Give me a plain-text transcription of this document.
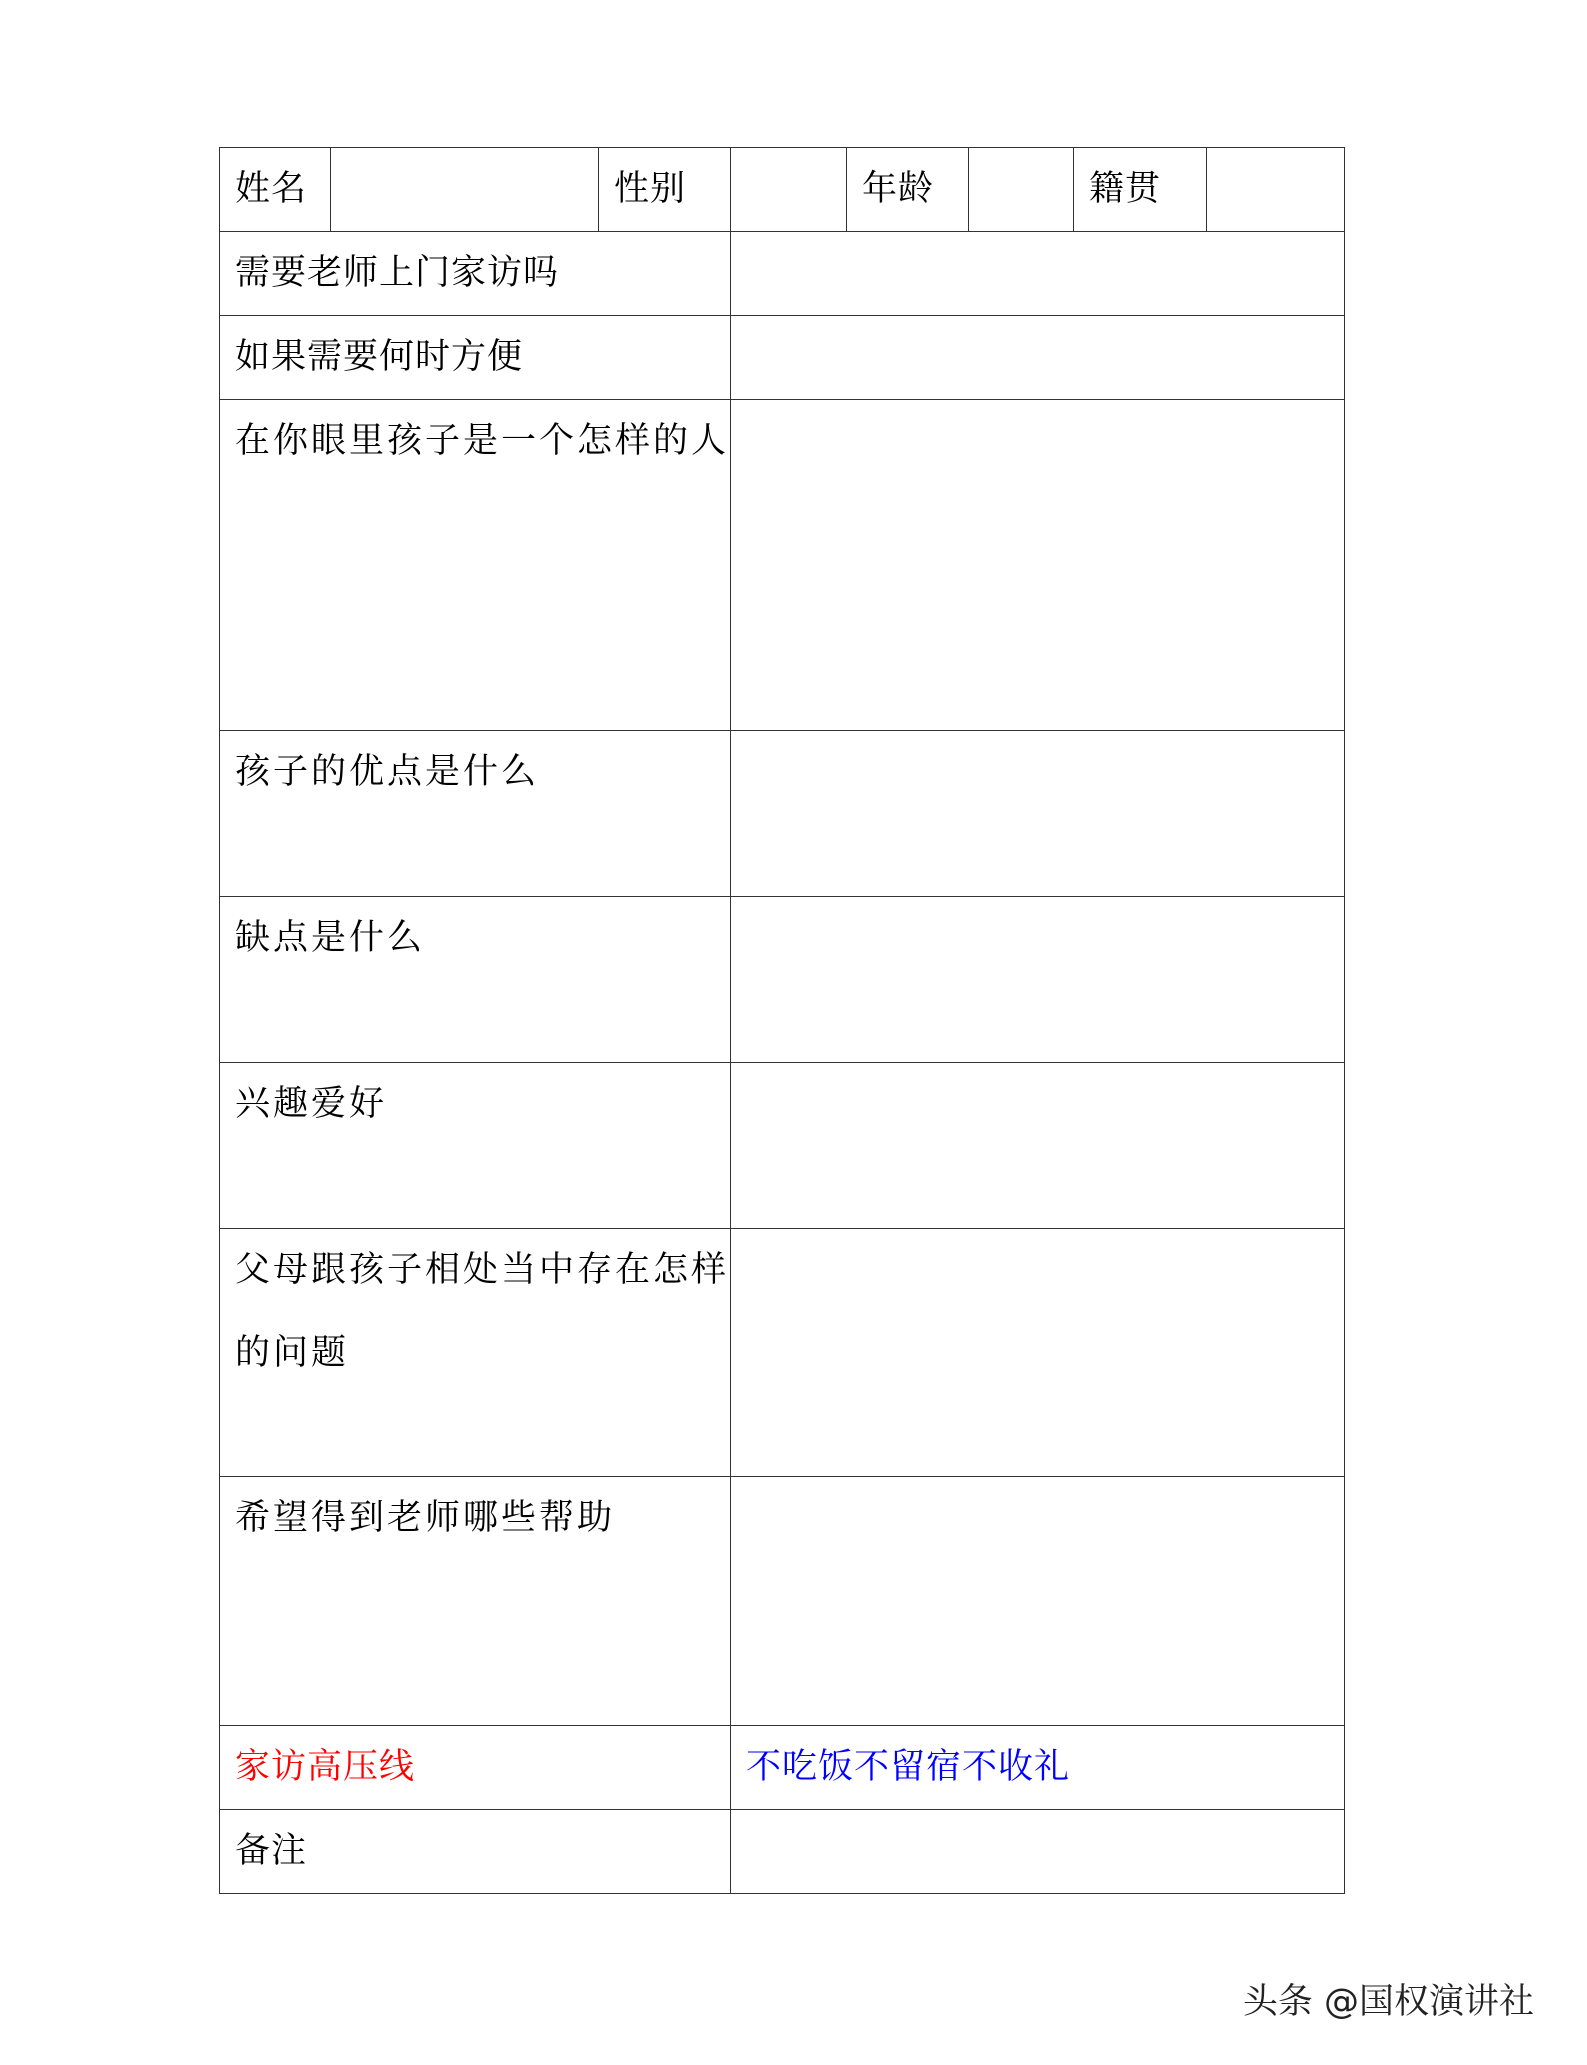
姓名		性别		年龄		籍贯	
需要老师上门家访吗							
如果需要何时方便							
在你眼里孩子是一个怎样的人							
孩子的优点是什么							
缺点是什么							
兴趣爱好							
父母跟孩子相处当中存在怎样的问题							
希望得到老师哪些帮助							
家访高压线			不吃饭不留宿不收礼				
备注							
头条 @国权演讲社
